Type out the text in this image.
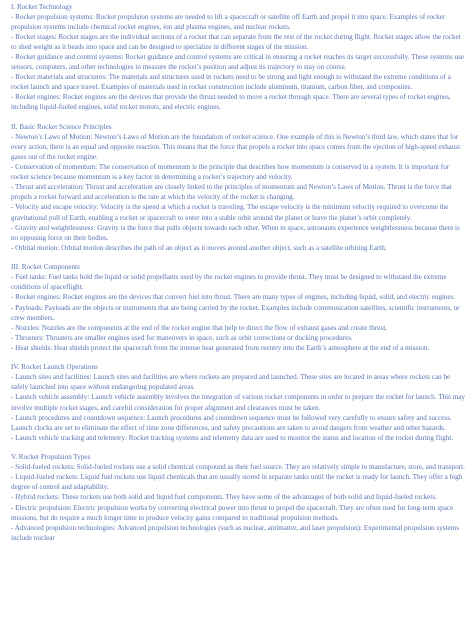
I. Rocket Technology
- Rocket propulsion systems: Rocket propulsion systems are needed to lift a spacecraft or satellite off Earth and propel it into space. Examples of rocket propulsion systems include chemical rocket engines, ion and plasma engines, and nuclear rockets.
- Rocket stages: Rocket stages are the individual sections of a rocket that can separate from the rest of the rocket during flight. Rocket stages allow the rocket to shed weight as it heads into space and can be designed to specialize in different stages of the mission.
- Rocket guidance and control systems: Rocket guidance and control systems are critical in ensuring a rocket reaches its target successfully. These systems use sensors, computers, and other technologies to measure the rocket’s position and adjust its trajectory to stay on course.
- Rocket materials and structures: The materials and structures used in rockets need to be strong and light enough to withstand the extreme conditions of a rocket launch and space travel. Examples of materials used in rocket construction include aluminum, titanium, carbon fiber, and composites.
- Rocket engines: Rocket engines are the devices that provide the thrust needed to move a rocket through space. There are several types of rocket engines, including liquid-fueled engines, solid rocket motors, and electric engines.
II. Basic Rocket Science Principles
- Newton’s Laws of Motion: Newton’s Laws of Motion are the foundation of rocket science. One example of this is Newton’s third law, which states that for every action, there is an equal and opposite reaction. This means that the force that propels a rocket into space comes from the ejection of high-speed exhaust gases out of the rocket engine.
- Conservation of momentum: The conservation of momentum is the principle that describes how momentum is conserved in a system. It is important for rocket science because momentum is a key factor in determining a rocket’s trajectory and velocity.
- Thrust and acceleration: Thrust and acceleration are closely linked to the principles of momentum and Newton’s Laws of Motion. Thrust is the force that propels a rocket forward and acceleration is the rate at which the velocity of the rocket is changing.
- Velocity and escape velocity: Velocity is the speed at which a rocket is traveling. The escape velocity is the minimum velocity required to overcome the gravitational pull of Earth, enabling a rocket or spacecraft to enter into a stable orbit around the planet or leave the planet’s orbit completely.
- Gravity and weightlessness: Gravity is the force that pulls objects towards each other. When in space, astronauts experience weightlessness because there is no opposing force on their bodies.
- Orbital motion: Orbital motion describes the path of an object as it moves around another object, such as a satellite orbiting Earth.
III. Rocket Components
- Fuel tanks: Fuel tanks hold the liquid or solid propellants used by the rocket engines to provide thrust. They must be designed to withstand the extreme conditions of spaceflight.
- Rocket engines: Rocket engines are the devices that convert fuel into thrust. There are many types of engines, including liquid, solid, and electric engines.
- Payloads: Payloads are the objects or instruments that are being carried by the rocket. Examples include communication satellites, scientific instruments, or crew members.
- Nozzles: Nozzles are the components at the end of the rocket engine that help to direct the flow of exhaust gases and create thrust.
- Thrusters: Thrusters are smaller engines used for maneuvers in space, such as orbit corrections or docking procedures.
- Heat shields: Heat shields protect the spacecraft from the intense heat generated from reentry into the Earth’s atmosphere at the end of a mission.
IV. Rocket Launch Operations
- Launch sites and facilities: Launch sites and facilities are where rockets are prepared and launched. These sites are located in areas where rockets can be safely launched into space without endangering populated areas.
- Launch vehicle assembly: Launch vehicle assembly involves the integration of various rocket components in order to prepare the rocket for launch. This may involve multiple rocket stages, and careful consideration for proper alignment and clearances must be taken.
- Launch procedures and countdown sequence: Launch procedures and countdown sequence must be followed very carefully to ensure safety and success. Launch clocks are set to eliminate the effect of time zone differences, and safety precautions are taken to avoid dangers from weather and other hazards.
- Launch vehicle tracking and telemetry: Rocket tracking systems and telemetry data are used to monitor the status and location of the rocket during flight.
V. Rocket Propulsion Types
- Solid-fueled rockets: Solid-fueled rockets use a solid chemical compound as their fuel source. They are relatively simple to manufacture, store, and transport.
- Liquid-fueled rockets: Liquid fuel rockets use liquid chemicals that are usually stored in separate tanks until the rocket is ready for launch. They offer a high degree of control and adaptability.
- Hybrid rockets: These rockets use both solid and liquid fuel components. They have some of the advantages of both solid and liquid-fueled rockets.
- Electric propulsion: Electric propulsion works by converting electrical power into thrust to propel the spacecraft. They are often used for long-term space missions, but do require a much longer time to produce velocity gains compared to traditional propulsion methods.
- Advanced propulsion technologies: Advanced propulsion technologies (such as nuclear, antimatter, and laser propulsion): Experimental propulsion systems include nuclear
